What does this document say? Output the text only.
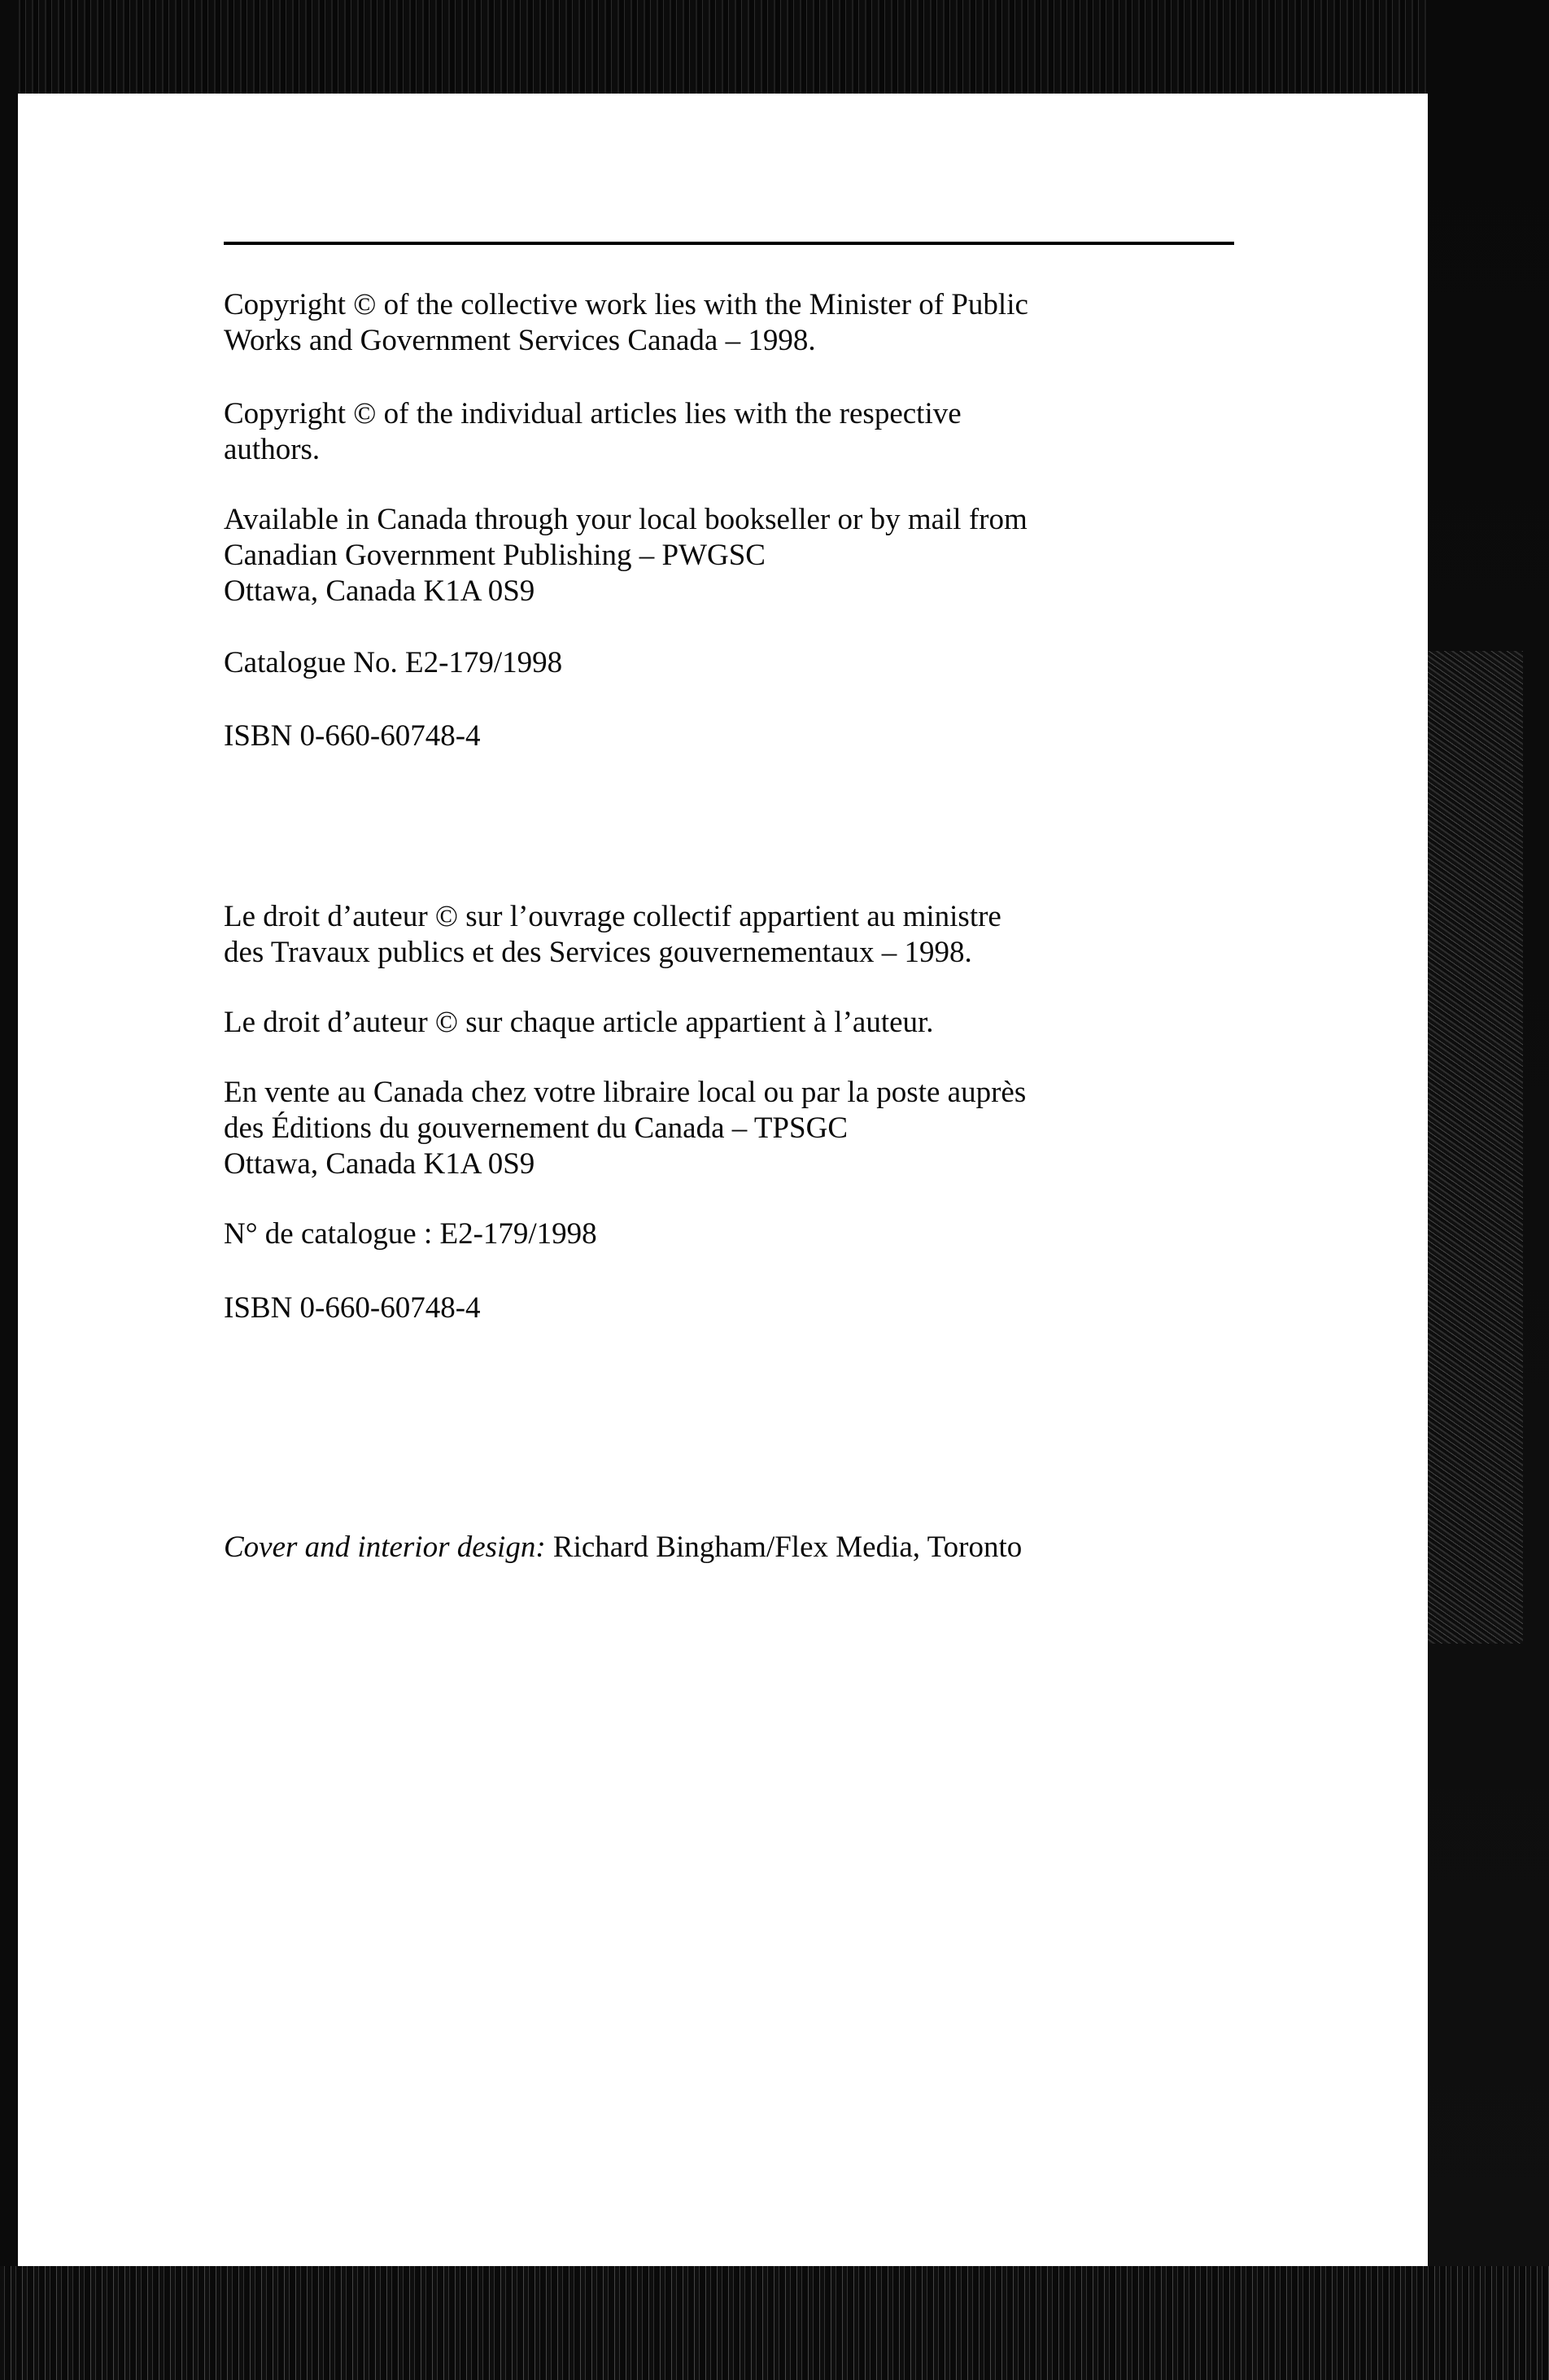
Copyright © of the collective work lies with the Minister of Public
Works and Government Services Canada – 1998.
Copyright © of the individual articles lies with the respective
authors.
Available in Canada through your local bookseller or by mail from
Canadian Government Publishing – PWGSC
Ottawa, Canada K1A 0S9
Catalogue No. E2-179/1998
ISBN 0-660-60748-4
Le droit d’auteur © sur l’ouvrage collectif appartient au ministre
des Travaux publics et des Services gouvernementaux – 1998.
Le droit d’auteur © sur chaque article appartient à l’auteur.
En vente au Canada chez votre libraire local ou par la poste auprès
des Éditions du gouvernement du Canada – TPSGC
Ottawa, Canada K1A 0S9
N° de catalogue : E2-179/1998
ISBN 0-660-60748-4
Cover and interior design: Richard Bingham/Flex Media, Toronto
